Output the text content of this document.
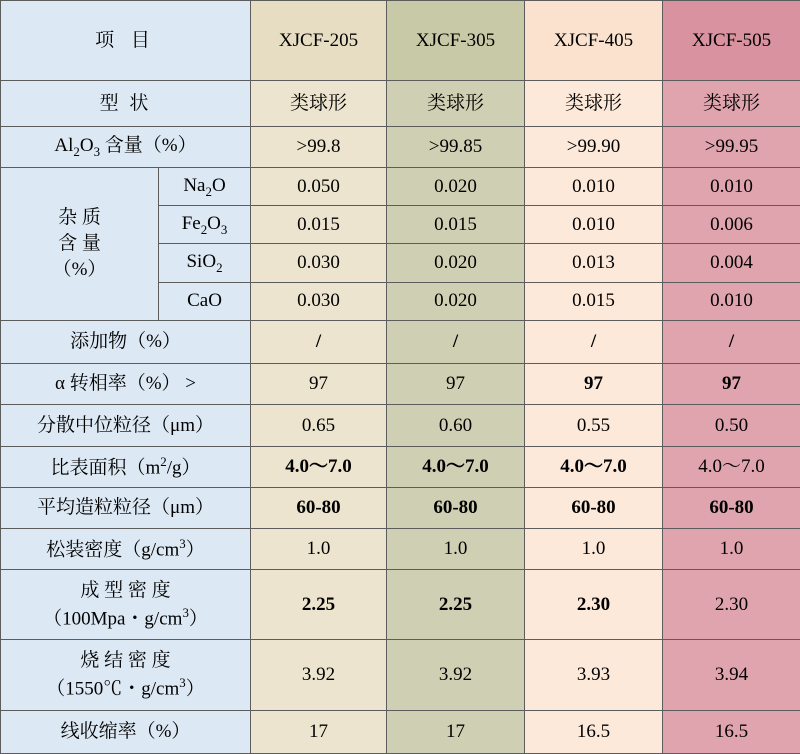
项 目		XJCF-205	XJCF-305	XJCF-405	XJCF-505
型 状		类球形	类球形	类球形	类球形
$Al_2O_3$ 含量（%）		>99.8	>99.85	>99.90	>99.95
杂 质
含 量
（%）	$Na_2O$	0.050	0.020	0.010	0.010
	$Fe_2O_3$	0.015	0.015	0.010	0.006
	SiO$_2$	0.030	0.020	0.013	0.004
	CaO	0.030	0.020	0.015	0.010
添加物（%）		/	/	/	/
α 转相率（%） >		97	97	97	97
分散中位粒径（μm）		0.65	0.60	0.55	0.50
比表面积$(m^2/g)$		4.0～7.0	4.0～7.0	4.0～7.0	4.0～7.0
平均造粒粒径（μm）		60-80	60-80	60-80	60-80
松装密度$(g/cm^3)$		1.0	1.0	1.0	1.0
成 型 密 度
（100Mpa・$g/cm^3$）		2.25	2.25	2.30	2.30
烧 结 密 度
（1550℃・$g/cm^3$）		3.92	3.92	3.93	3.94
线收缩率（%）		17	17	16.5	16.5
